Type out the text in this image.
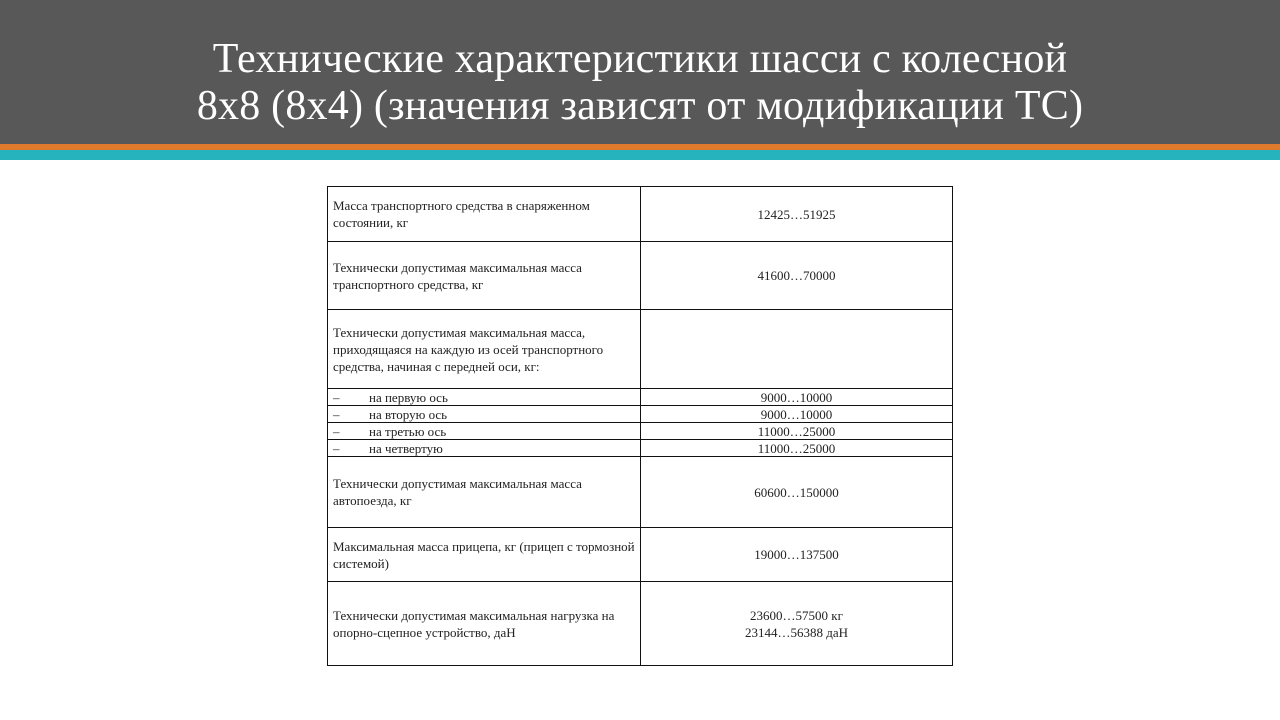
Технические характеристики шасси с колесной
8х8 (8х4) (значения зависят от модификации ТС)
Масса транспортного средства в снаряженном состоянии, кг	12425…51925
Технически допустимая максимальная масса транспортного средства, кг	41600…70000
Технически допустимая максимальная масса, приходящаяся на каждую из осей транспортного средства, начиная с передней оси, кг:	
– на первую ось	9000…10000
– на вторую ось	9000…10000
– на третью ось	11000…25000
– на четвертую	11000…25000
Технически допустимая максимальная масса автопоезда, кг	60600…150000
Максимальная масса прицепа, кг (прицеп с тормозной системой)	19000…137500
Технически допустимая максимальная нагрузка на опорно-сцепное устройство, даН	23600…57500 кг
23144…56388 даН
